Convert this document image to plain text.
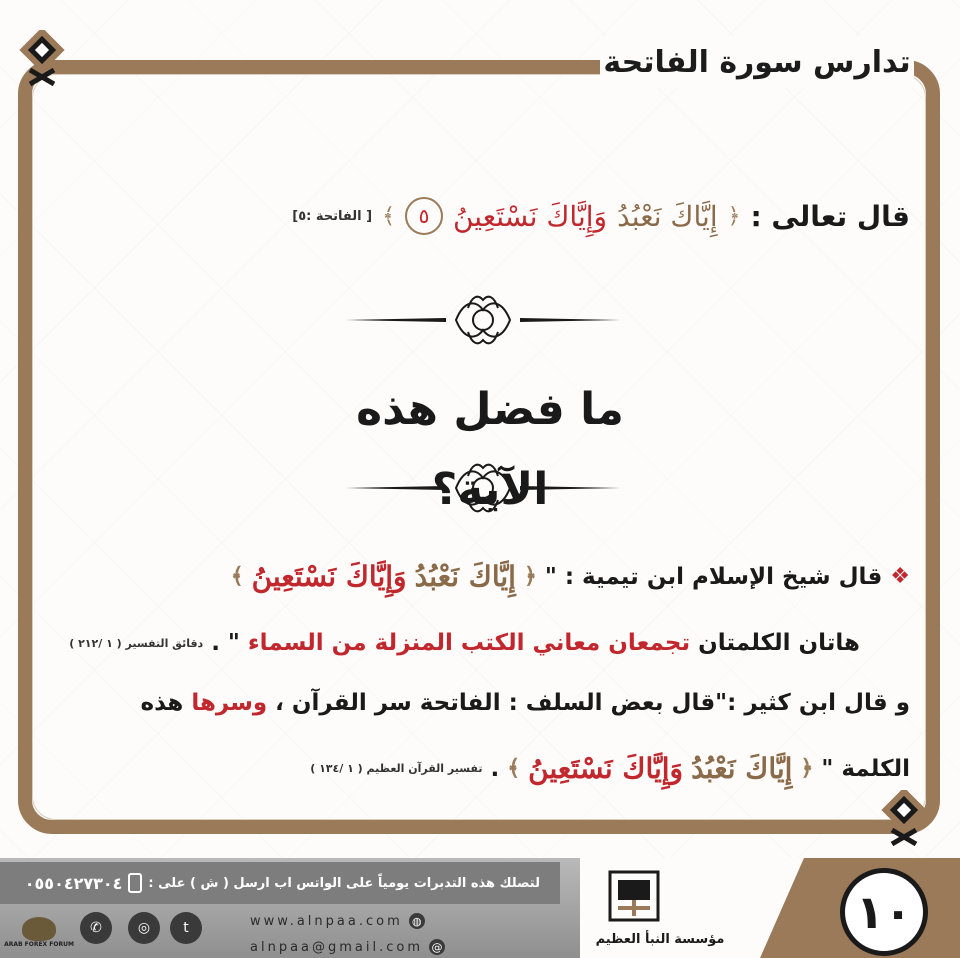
تدارس سورة الفاتحة
قال تعالى :
﴿
إِيَّاكَ نَعْبُدُ
وَإِيَّاكَ نَسْتَعِينُ
٥
﴾
[ الفاتحة :٥]
ما فضل هذه الآية؟
❖
قال شيخ الإسلام ابن تيمية : "
﴿
إِيَّاكَ نَعْبُدُ
وَإِيَّاكَ نَسْتَعِينُ
﴾
هاتان الكلمتان
تجمعان معاني الكتب المنزلة من السماء
" .
دقائق التفسير ( ١ /٢١٢ )
و قال ابن كثير :"قال بعض السلف : الفاتحة سر القرآن ،
وسرها
هذه
الكلمة
"
﴿
إِيَّاكَ نَعْبُدُ
وَإِيَّاكَ نَسْتَعِينُ
﴾
.
تفسير القرآن العظيم ( ١ /١٣٤ )
لتصلك هذه التدبرات يومياً على الواتس اب ارسل ( ش ) على :
٠٥٥٠٤٢٧٣٠٤
www.alnpaa.com ◍
alnpaa@gmail.com @
t
◎
✆
ARAB FOREX FORUM	مؤسسة النبأ العظيم
١٠
